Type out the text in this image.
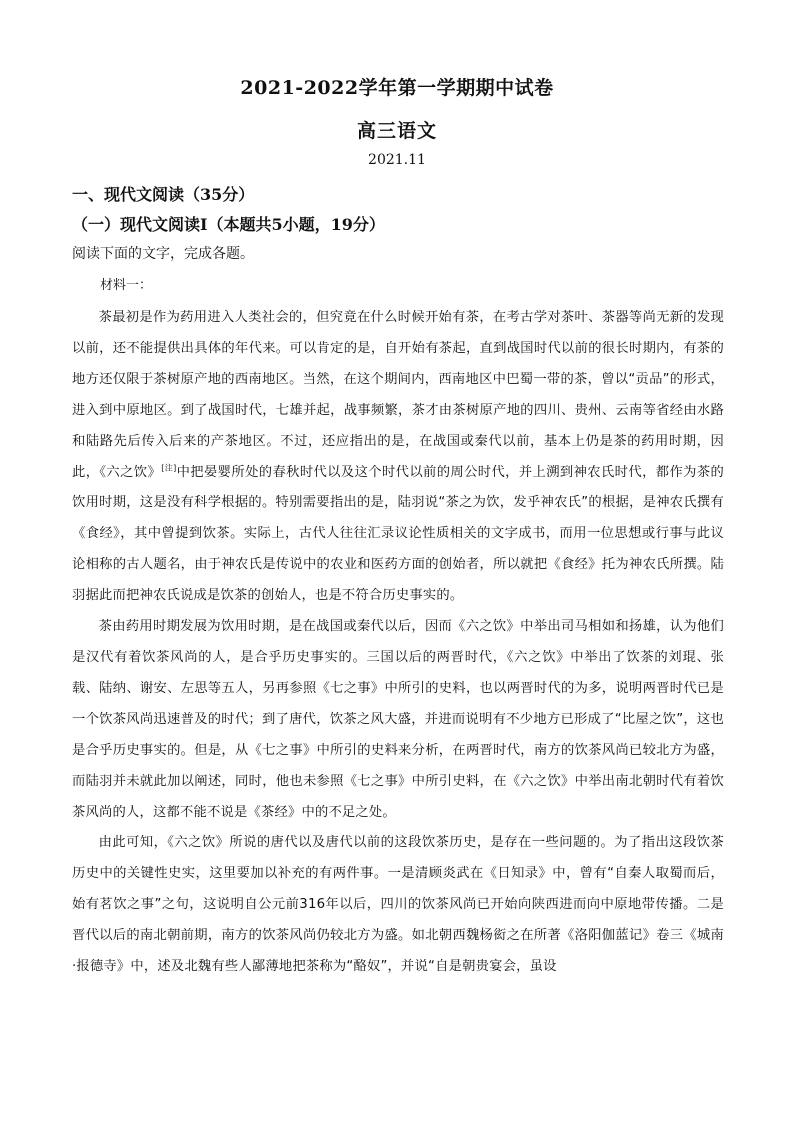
2021-2022学年第一学期期中试卷
高三语文
2021.11
一、现代文阅读（35分）
（一）现代文阅读Ⅰ（本题共5小题，19分）
阅读下面的文字，完成各题。
材料一：

茶最初是作为药用进入人类社会的，但究竟在什么时候开始有茶，在考古学对茶叶、茶器等尚无新的发现以前，还不能提供出具体的年代来。可以肯定的是，自开始有茶起，直到战国时代以前的很长时期内，有茶的地方还仅限于茶树原产地的西南地区。当然，在这个期间内，西南地区中巴蜀一带的茶，曾以“贡品”的形式，进入到中原地区。到了战国时代，七雄并起，战事频繁，茶才由茶树原产地的四川、贵州、云南等省经由水路和陆路先后传入后来的产茶地区。不过，还应指出的是，在战国或秦代以前，基本上仍是茶的药用时期，因此，《六之饮》[注]中把晏婴所处的春秋时代以及这个时代以前的周公时代，并上溯到神农氏时代，都作为茶的饮用时期，这是没有科学根据的。特别需要指出的是，陆羽说“茶之为饮，发乎神农氏”的根据，是神农氏撰有《食经》，其中曾提到饮茶。实际上，古代人往往汇录议论性质相关的文字成书，而用一位思想或行事与此议论相称的古人题名，由于神农氏是传说中的农业和医药方面的创始者，所以就把《食经》托为神农氏所撰。陆羽据此而把神农氏说成是饮茶的创始人，也是不符合历史事实的。

茶由药用时期发展为饮用时期，是在战国或秦代以后，因而《六之饮》中举出司马相如和扬雄，认为他们是汉代有着饮茶风尚的人，是合乎历史事实的。三国以后的两晋时代，《六之饮》中举出了饮茶的刘琨、张载、陆纳、谢安、左思等五人，另再参照《七之事》中所引的史料，也以两晋时代的为多，说明两晋时代已是一个饮茶风尚迅速普及的时代；到了唐代，饮茶之风大盛，并进而说明有不少地方已形成了“比屋之饮”，这也是合乎历史事实的。但是，从《七之事》中所引的史料来分析，在两晋时代，南方的饮茶风尚已较北方为盛，而陆羽并未就此加以阐述，同时，他也未参照《七之事》中所引史料，在《六之饮》中举出南北朝时代有着饮茶风尚的人，这都不能不说是《茶经》中的不足之处。

由此可知，《六之饮》所说的唐代以及唐代以前的这段饮茶历史，是存在一些问题的。为了指出这段饮茶历史中的关键性史实，这里要加以补充的有两件事。一是清顾炎武在《日知录》中，曾有“自秦人取蜀而后，始有茗饮之事”之句，这说明自公元前316年以后，四川的饮茶风尚已开始向陕西进而向中原地带传播。二是晋代以后的南北朝前期，南方的饮茶风尚仍较北方为盛。如北朝西魏杨衒之在所著《洛阳伽蓝记》卷三《城南·报德寺》中，述及北魏有些人鄙薄地把茶称为“酪奴”，并说“自是朝贵宴会，虽设
